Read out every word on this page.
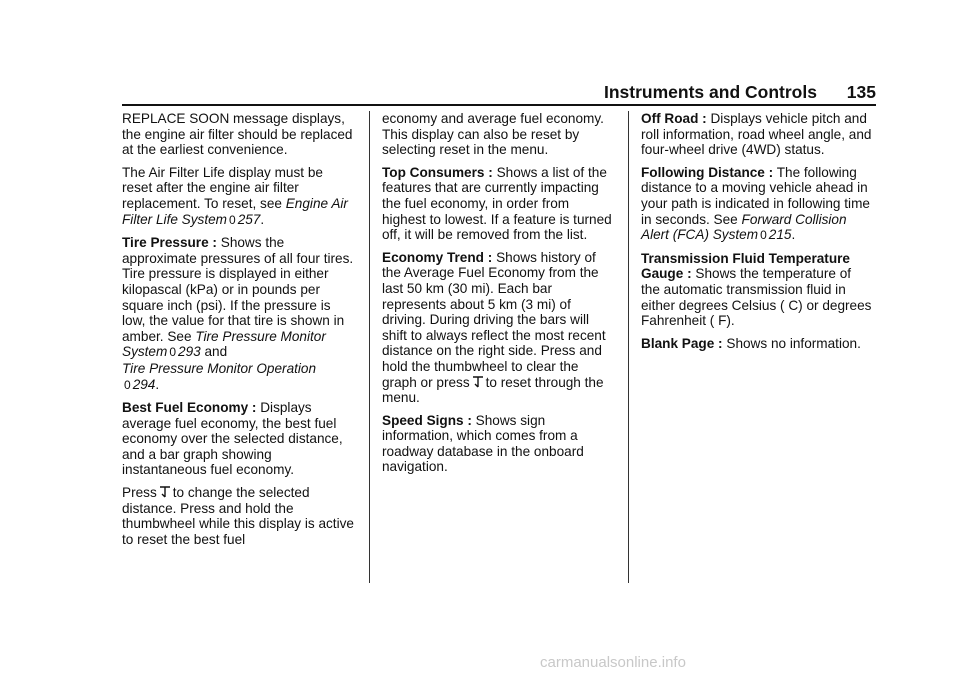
Instruments and Controls 135

REPLACE SOON message displays, the engine air filter should be replaced at the earliest convenience.

The Air Filter Life display must be reset after the engine air filter replacement. To reset, see Engine Air Filter Life System 0 257.

Tire Pressure : Shows the approximate pressures of all four tires. Tire pressure is displayed in either kilopascal (kPa) or in pounds per square inch (psi). If the pressure is low, the value for that tire is shown in amber. See Tire Pressure Monitor System 0 293 and
Tire Pressure Monitor Operation
0 294.

Best Fuel Economy : Displays average fuel economy, the best fuel economy over the selected distance, and a bar graph showing instantaneous fuel economy.

Press to change the selected distance. Press and hold the thumbwheel while this display is active to reset the best fuel

economy and average fuel economy. This display can also be reset by selecting reset in the menu.

Top Consumers : Shows a list of the features that are currently impacting the fuel economy, in order from highest to lowest. If a feature is turned off, it will be removed from the list.

Economy Trend : Shows history of the Average Fuel Economy from the last 50 km (30 mi). Each bar represents about 5 km (3 mi) of driving. During driving the bars will shift to always reflect the most recent distance on the right side. Press and hold the thumbwheel to clear the graph or press to reset through the menu.

Speed Signs : Shows sign information, which comes from a roadway database in the onboard navigation.

Off Road : Displays vehicle pitch and roll information, road wheel angle, and four-wheel drive (4WD) status.

Following Distance : The following distance to a moving vehicle ahead in your path is indicated in following time in seconds. See Forward Collision Alert (FCA) System 0 215.

Transmission Fluid Temperature Gauge : Shows the temperature of the automatic transmission fluid in either degrees Celsius ( C) or degrees Fahrenheit ( F).

Blank Page : Shows no information.

carmanualsonline.info
